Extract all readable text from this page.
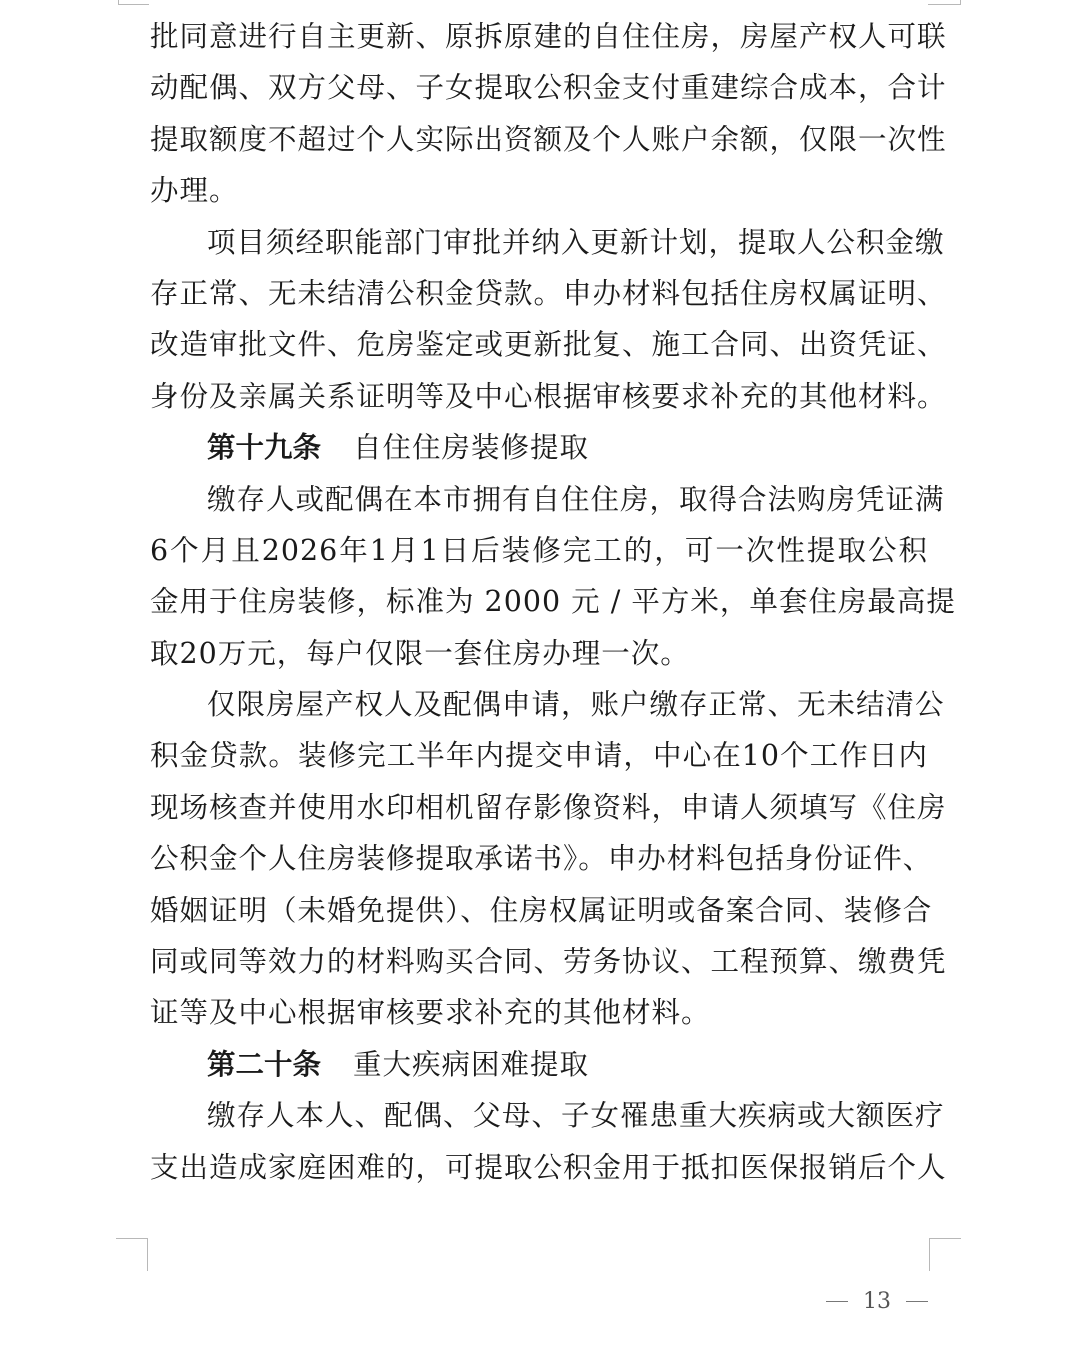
批同意进行自主更新、原拆原建的自住住房，房屋产权人可联
动配偶、双方父母、子女提取公积金支付重建综合成本，合计
提取额度不超过个人实际出资额及个人账户余额，仅限一次性
办理。
项目须经职能部门审批并纳入更新计划，提取人公积金缴
存正常、无未结清公积金贷款。申办材料包括住房权属证明、
改造审批文件、危房鉴定或更新批复、施工合同、出资凭证、
身份及亲属关系证明等及中心根据审核要求补充的其他材料。
第十九条 自住住房装修提取
缴存人或配偶在本市拥有自住住房，取得合法购房凭证满
6个月且2026年1月1日后装修完工的，可一次性提取公积
金用于住房装修，标准为 2000 元 / 平方米，单套住房最高提
取20万元，每户仅限一套住房办理一次。
仅限房屋产权人及配偶申请，账户缴存正常、无未结清公
积金贷款。装修完工半年内提交申请，中心在10个工作日内
现场核查并使用水印相机留存影像资料，申请人须填写《住房
公积金个人住房装修提取承诺书》。申办材料包括身份证件、
婚姻证明（未婚免提供）、住房权属证明或备案合同、装修合
同或同等效力的材料购买合同、劳务协议、工程预算、缴费凭
证等及中心根据审核要求补充的其他材料。
第二十条 重大疾病困难提取
缴存人本人、配偶、父母、子女罹患重大疾病或大额医疗
支出造成家庭困难的，可提取公积金用于抵扣医保报销后个人
13
